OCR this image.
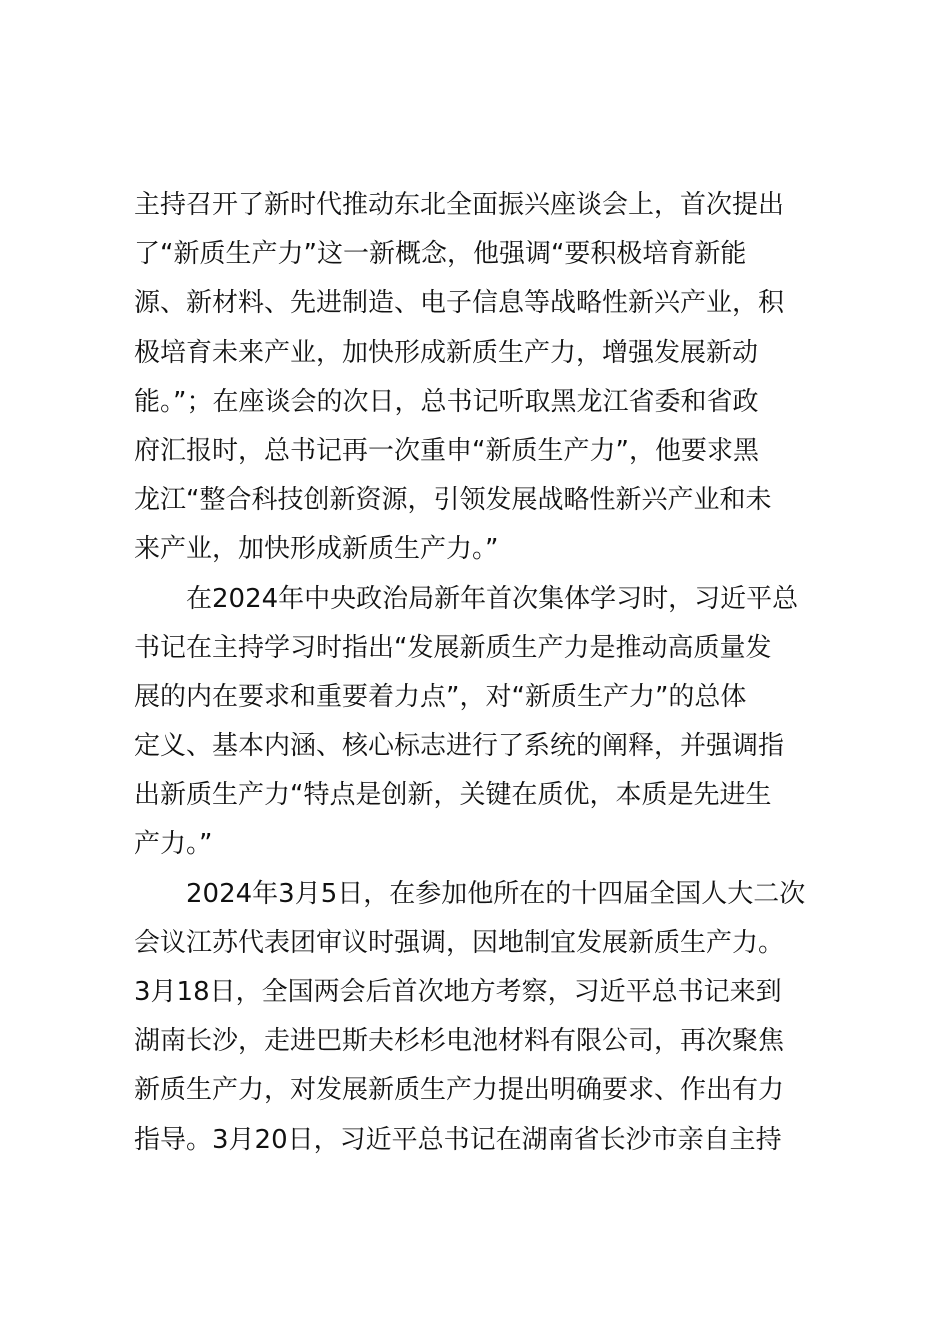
主持召开了新时代推动东北全面振兴座谈会上，首次提出
了“新质生产力”这一新概念，他强调“要积极培育新能
源、新材料、先进制造、电子信息等战略性新兴产业，积
极培育未来产业，加快形成新质生产力，增强发展新动
能。”；在座谈会的次日，总书记听取黑龙江省委和省政
府汇报时，总书记再一次重申“新质生产力”，他要求黑
龙江“整合科技创新资源，引领发展战略性新兴产业和未
来产业，加快形成新质生产力。”
　　在2024年中央政治局新年首次集体学习时，习近平总
书记在主持学习时指出“发展新质生产力是推动高质量发
展的内在要求和重要着力点”，对“新质生产力”的总体
定义、基本内涵、核心标志进行了系统的阐释，并强调指
出新质生产力“特点是创新，关键在质优，本质是先进生
产力。”
　　2024年3月5日，在参加他所在的十四届全国人大二次
会议江苏代表团审议时强调，因地制宜发展新质生产力。
3月18日，全国两会后首次地方考察，习近平总书记来到
湖南长沙，走进巴斯夫杉杉电池材料有限公司，再次聚焦
新质生产力，对发展新质生产力提出明确要求、作出有力
指导。3月20日，习近平总书记在湖南省长沙市亲自主持
